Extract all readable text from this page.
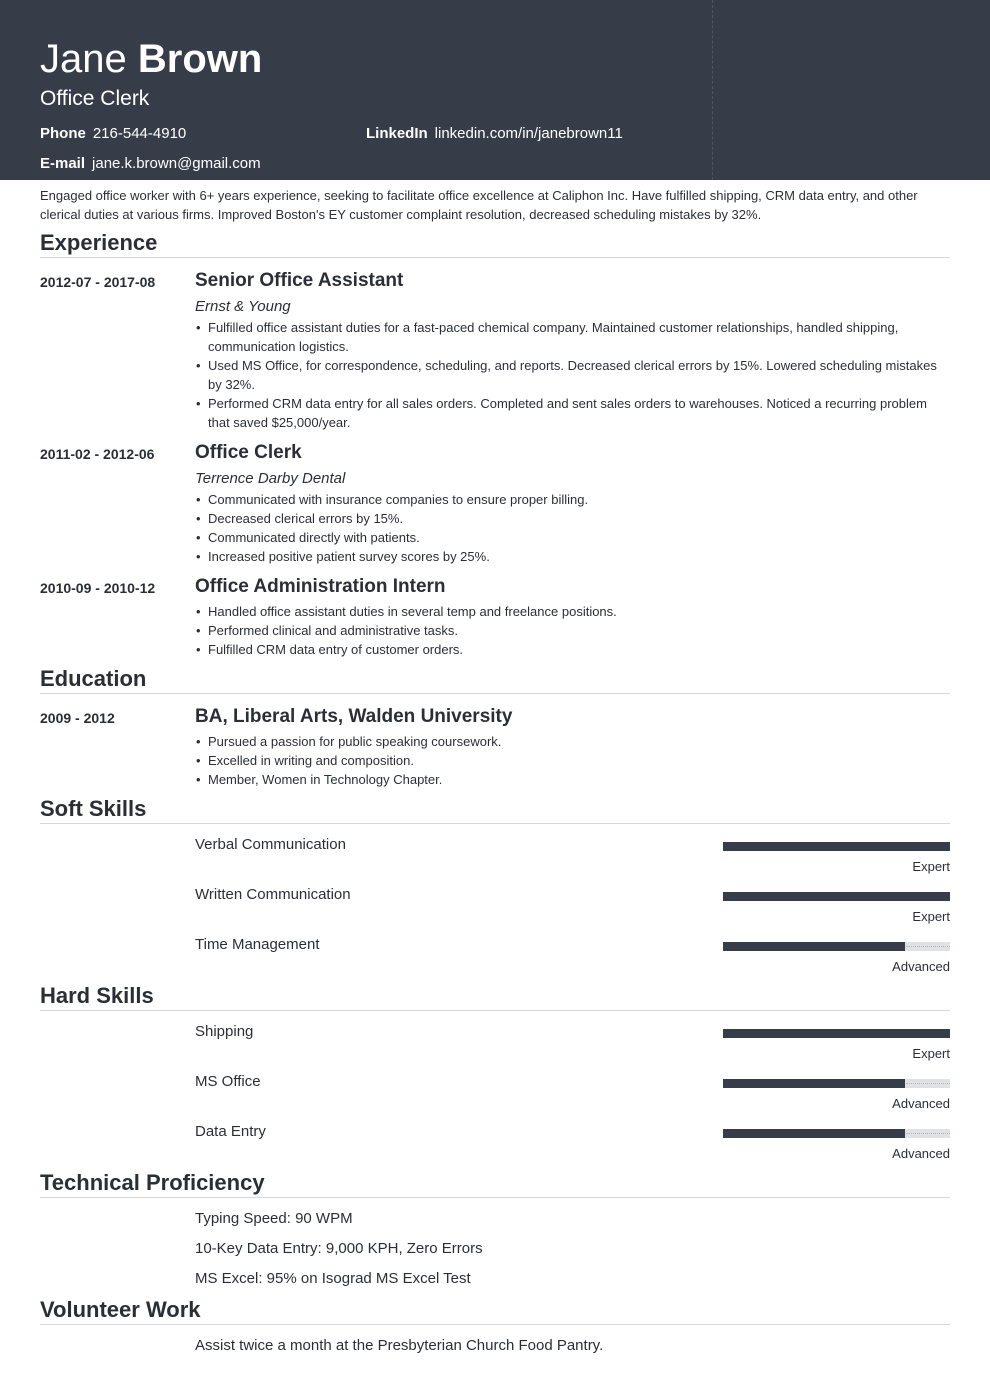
Jane Brown
Office Clerk
Phone 216-544-4910	LinkedIn linkedin.com/in/janebrown11
E-mail jane.k.brown@gmail.com
Engaged office worker with 6+ years experience, seeking to facilitate office excellence at Caliphon Inc. Have fulfilled shipping, CRM data entry, and other clerical duties at various firms. Improved Boston's EY customer complaint resolution, decreased scheduling mistakes by 32%.
Experience
2012-07 - 2017-08 Senior Office Assistant
Ernst & Young
• Fulfilled office assistant duties for a fast-paced chemical company. Maintained customer relationships, handled shipping, communication logistics.
• Used MS Office, for correspondence, scheduling, and reports. Decreased clerical errors by 15%. Lowered scheduling mistakes by 32%.
• Performed CRM data entry for all sales orders. Completed and sent sales orders to warehouses. Noticed a recurring problem that saved $25,000/year.
2011-02 - 2012-06 Office Clerk
Terrence Darby Dental
• Communicated with insurance companies to ensure proper billing.
• Decreased clerical errors by 15%.
• Communicated directly with patients.
• Increased positive patient survey scores by 25%.
2010-09 - 2010-12 Office Administration Intern
• Handled office assistant duties in several temp and freelance positions.
• Performed clinical and administrative tasks.
• Fulfilled CRM data entry of customer orders.
Education
2009 - 2012	BA, Liberal Arts, Walden University
• Pursued a passion for public speaking coursework.
• Excelled in writing and composition.
• Member, Women in Technology Chapter.
Soft Skills
Verbal Communication
Expert
Written Communication
Expert
Time Management
Advanced
Hard Skills
Shipping
Expert
MS Office
Advanced
Data Entry
Advanced
Technical Proficiency
Typing Speed: 90 WPM
10-Key Data Entry: 9,000 KPH, Zero Errors
MS Excel: 95% on Isograd MS Excel Test
Volunteer Work
Assist twice a month at the Presbyterian Church Food Pantry.
